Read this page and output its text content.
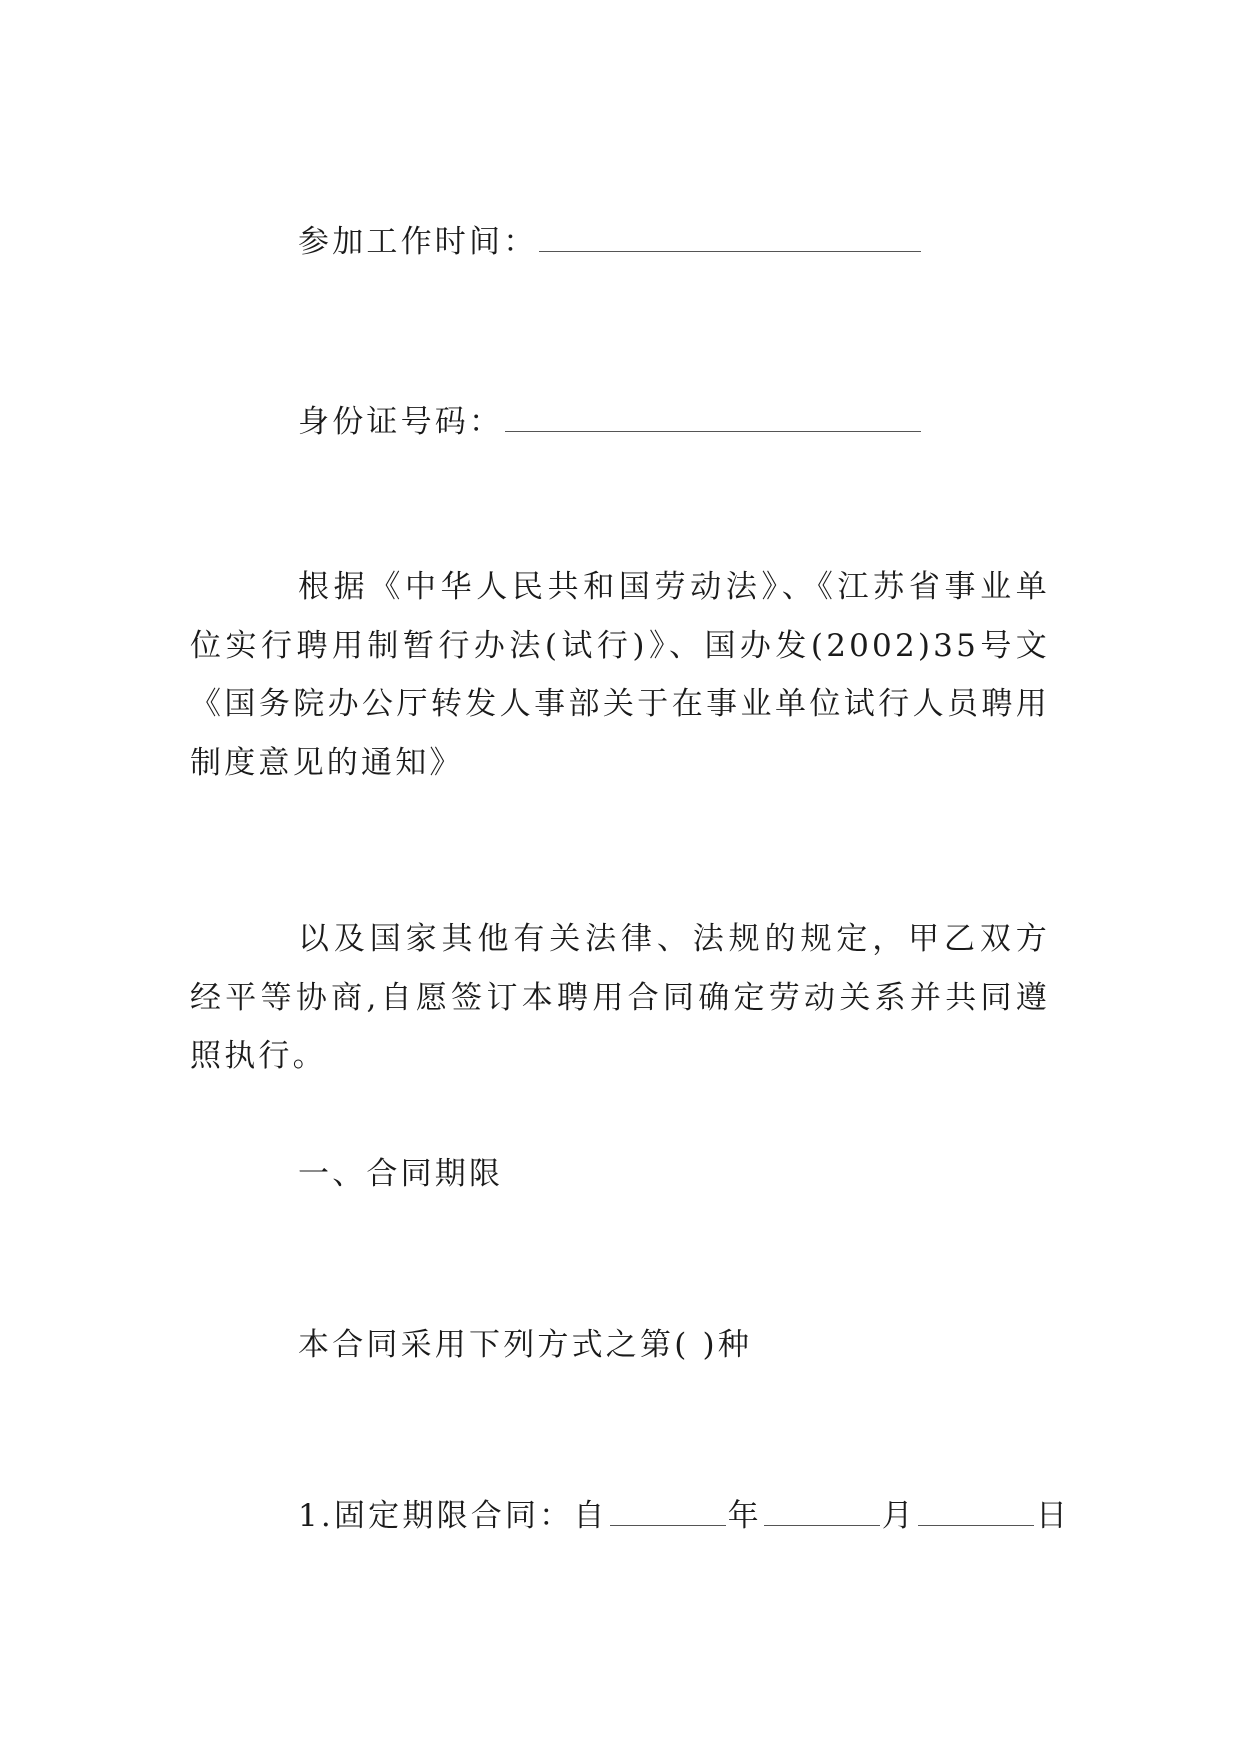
参加工作时间：
身份证号码：
根据《中华人民共和国劳动法》、《江苏省事业单位实行聘用制暂行办法(试行)》、国办发(2002)35号文《国务院办公厅转发人事部关于在事业单位试行人员聘用制度意见的通知》
以及国家其他有关法律、法规的规定，甲乙双方经平等协商,自愿签订本聘用合同确定劳动关系并共同遵照执行。
一、合同期限
本合同采用下列方式之第( )种
1.固定期限合同：自	年	月	日
